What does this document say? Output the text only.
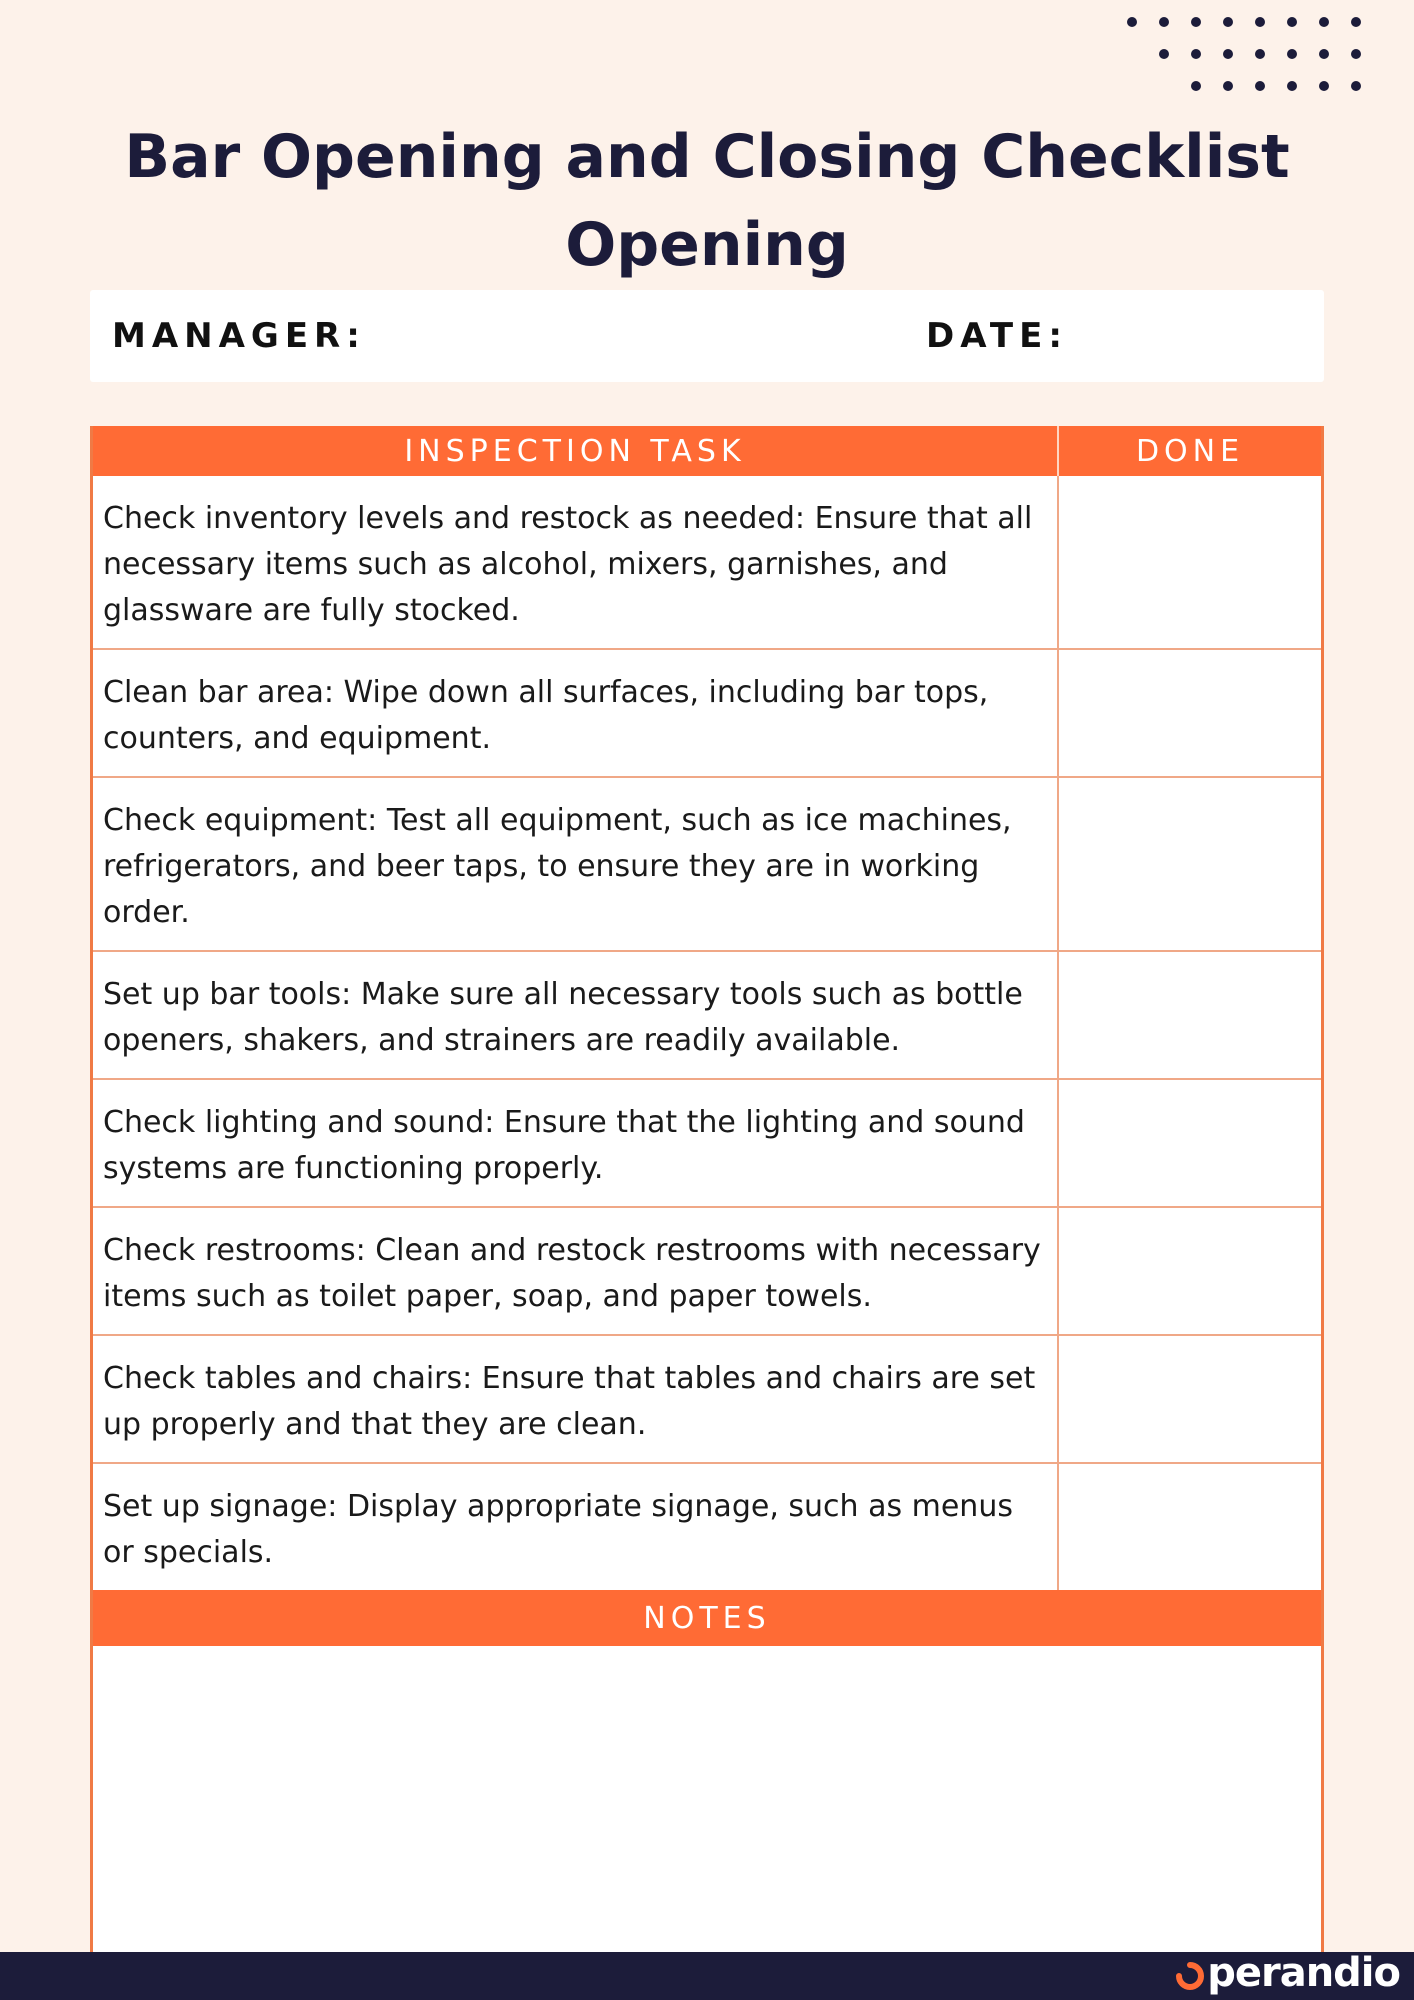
Bar Opening and Closing Checklist
Opening
MANAGER:	DATE:
INSPECTION TASK	DONE
Check inventory levels and restock as needed: Ensure that all necessary items such as alcohol, mixers, garnishes, and glassware are fully stocked.
Clean bar area: Wipe down all surfaces, including bar tops, counters, and equipment.
Check equipment: Test all equipment, such as ice machines, refrigerators, and beer taps, to ensure they are in working order.
Set up bar tools: Make sure all necessary tools such as bottle openers, shakers, and strainers are readily available.
Check lighting and sound: Ensure that the lighting and sound systems are functioning properly.
Check restrooms: Clean and restock restrooms with necessary items such as toilet paper, soap, and paper towels.
Check tables and chairs: Ensure that tables and chairs are set up properly and that they are clean.
Set up signage: Display appropriate signage, such as menus or specials.
NOTES
perandio
